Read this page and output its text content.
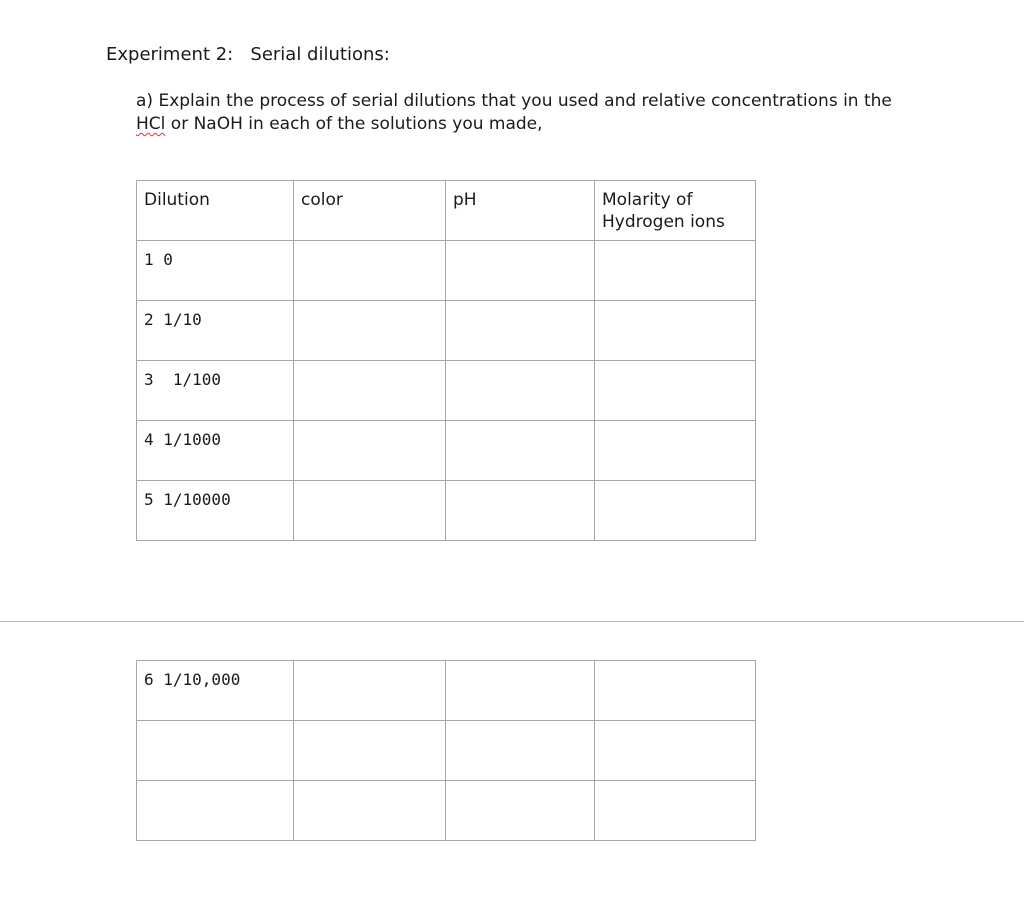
Experiment 2:   Serial dilutions:
a) Explain the process of serial dilutions that you used and relative concentrations in the
HCl or NaOH in each of the solutions you made,
Dilution	color	pH	Molarity of Hydrogen ions
1 0			
2 1/10			
3  1/100			
4 1/1000			
5 1/10000			
6 1/10,000			
